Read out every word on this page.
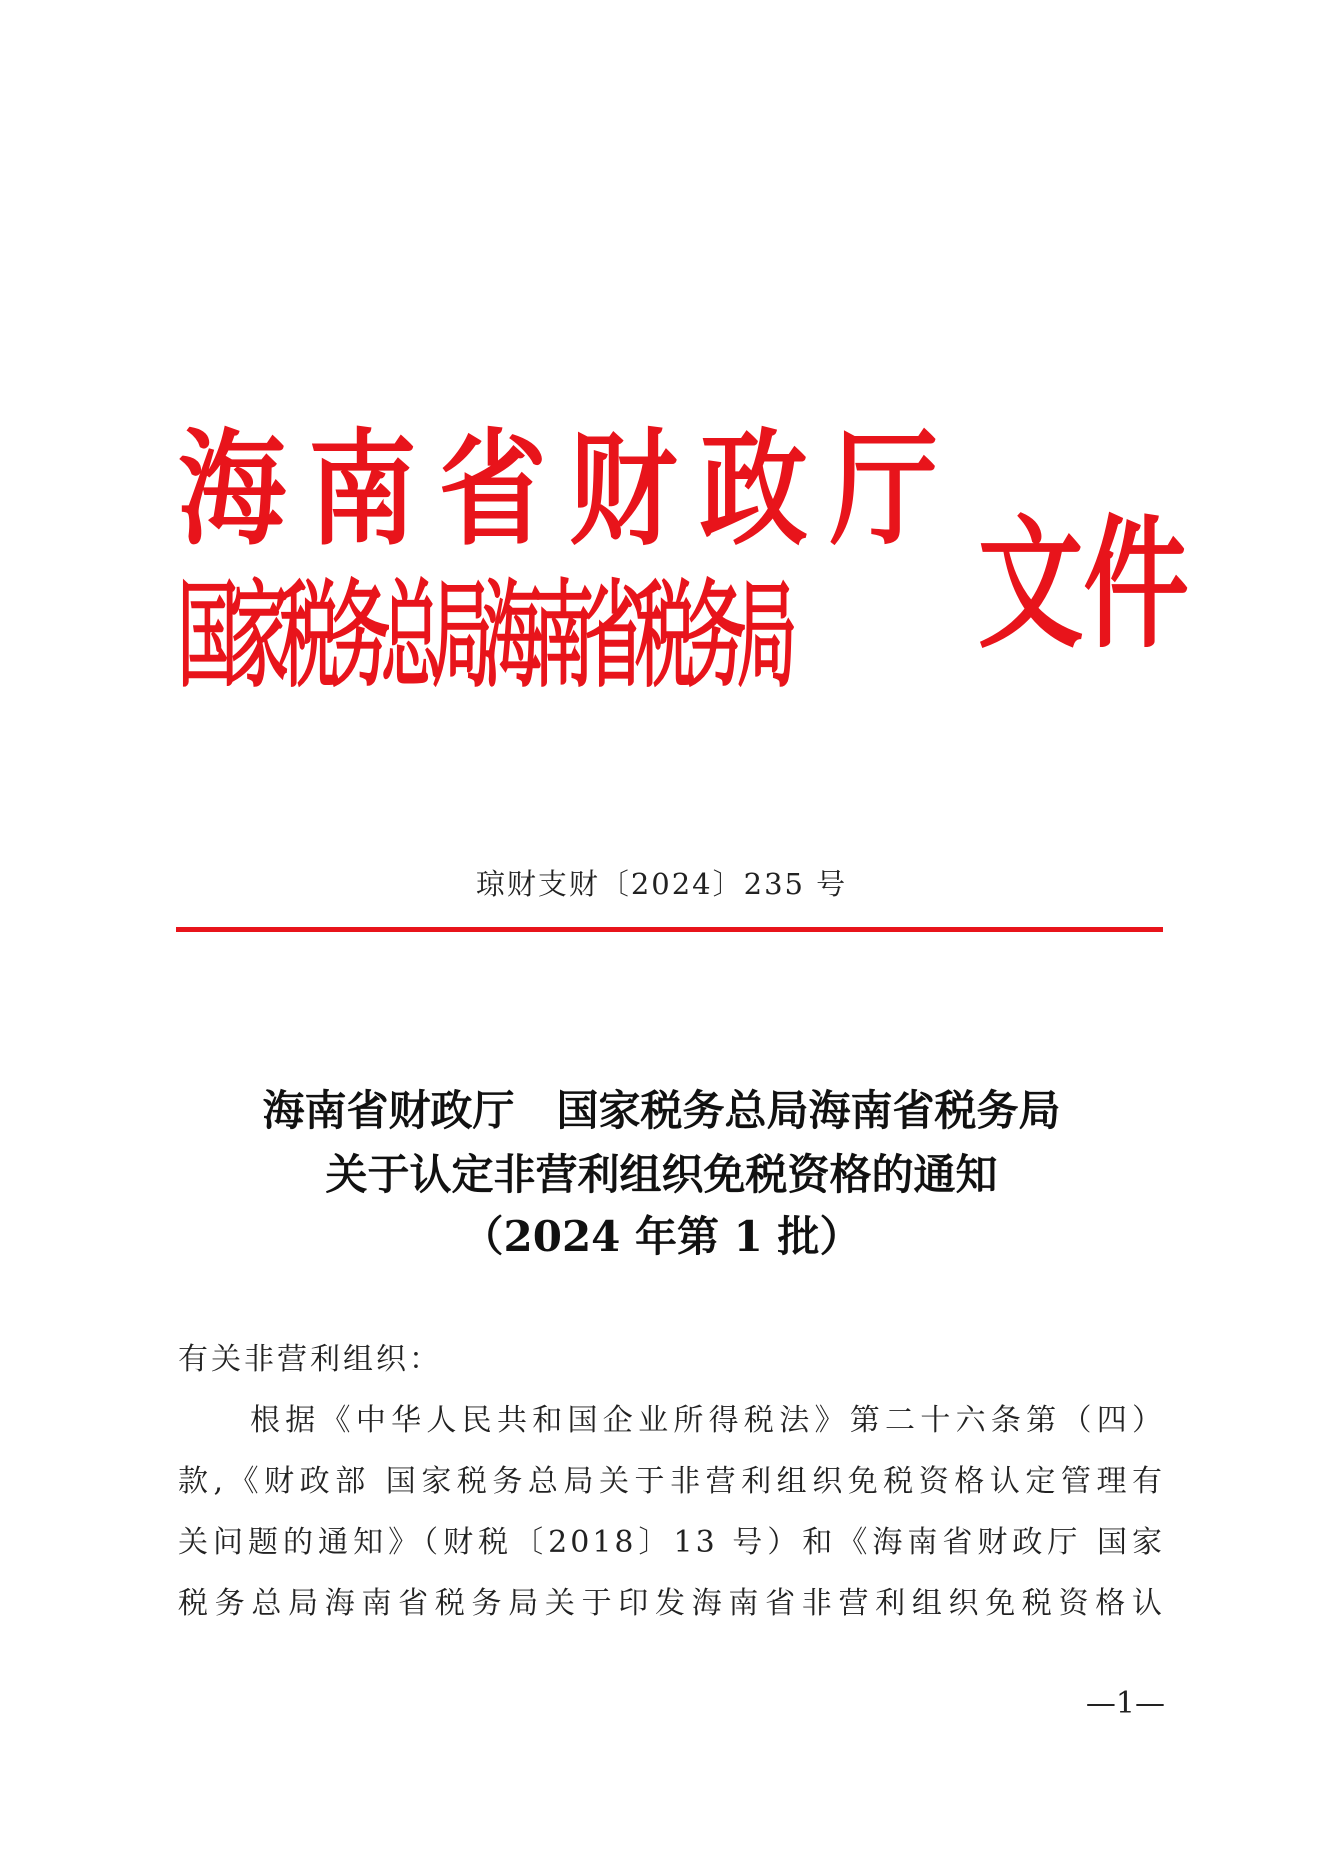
海 南 省 财 政 厅
国家税务总局海南省税务局 文件
琼财支财〔2024〕235 号
海南省财政厅　国家税务总局海南省税务局
关于认定非营利组织免税资格的通知
（2024 年第 1 批）
有关非营利组织：
根据《中华人民共和国企业所得税法》第二十六条第（四）
款,《财政部 国家税务总局关于非营利组织免税资格认定管理有
关问题的通知》（财税〔2018〕13 号）和《海南省财政厅 国家
税务总局海南省税务局关于印发海南省非营利组织免税资格认
—1—
